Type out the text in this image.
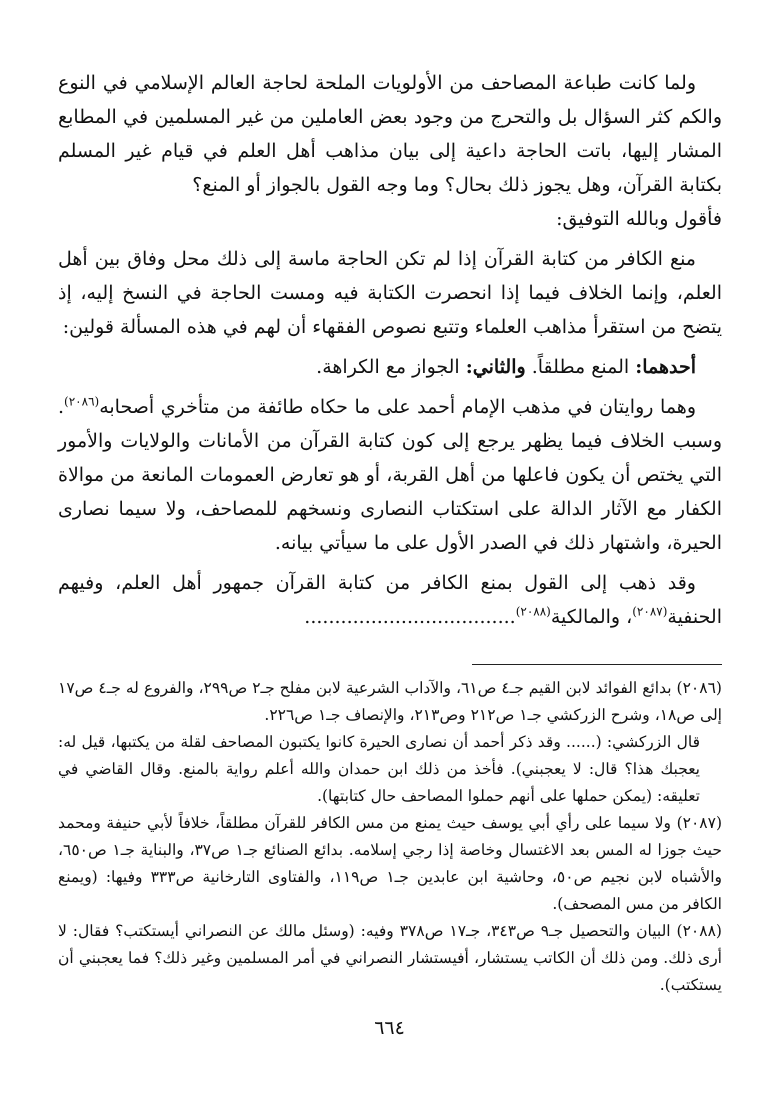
ولما كانت طباعة المصاحف من الأولويات الملحة لحاجة العالم الإسلامي في النوع والكم كثر السؤال بل والتحرج من وجود بعض العاملين من غير المسلمين في المطابع المشار إليها، باتت الحاجة داعية إلى بيان مذاهب أهل العلم في قيام غير المسلم بكتابة القرآن، وهل يجوز ذلك بحال؟ وما وجه القول بالجواز أو المنع؟

فأقول وبالله التوفيق:

منع الكافر من كتابة القرآن إذا لم تكن الحاجة ماسة إلى ذلك محل وفاق بين أهل العلم، وإنما الخلاف فيما إذا انحصرت الكتابة فيه ومست الحاجة في النسخ إليه، إذ يتضح من استقرأ مذاهب العلماء وتتبع نصوص الفقهاء أن لهم في هذه المسألة قولين:

أحدهما: المنع مطلقاً. والثاني: الجواز مع الكراهة.

وهما روايتان في مذهب الإمام أحمد على ما حكاه طائفة من متأخري أصحابه$^{(٢٠٨٦)}$. وسبب الخلاف فيما يظهر يرجع إلى كون كتابة القرآن من الأمانات والولايات والأمور التي يختص أن يكون فاعلها من أهل القربة، أو هو تعارض العمومات المانعة من موالاة الكفار مع الآثار الدالة على استكتاب النصارى ونسخهم للمصاحف، ولا سيما نصارى الحيرة، واشتهار ذلك في الصدر الأول على ما سيأتي بيانه.

وقد ذهب إلى القول بمنع الكافر من كتابة القرآن جمهور أهل العلم، وفيهم الحنفية$^{(٢٠٨٧)}$، والمالكية$^{(٢٠٨٨)}$...................................

(٢٠٨٦) بدائع الفوائد لابن القيم جـ٤ ص٦١، والآداب الشرعية لابن مفلح جـ٢ ص٢٩٩، والفروع له جـ٤ ص١٧ إلى ص١٨، وشرح الزركشي جـ١ ص٢١٢ وص٢١٣، والإنصاف جـ١ ص٢٢٦.

قال الزركشي: (...... وقد ذكر أحمد أن نصارى الحيرة كانوا يكتبون المصاحف لقلة من يكتبها، قيل له: يعجبك هذا؟ قال: لا يعجبني). فأخذ من ذلك ابن حمدان والله أعلم رواية بالمنع. وقال القاضي في تعليقه: (يمكن حملها على أنهم حملوا المصاحف حال كتابتها).

(٢٠٨٧) ولا سيما على رأي أبي يوسف حيث يمنع من مس الكافر للقرآن مطلقاً، خلافاً لأبي حنيفة ومحمد حيث جوزا له المس بعد الاغتسال وخاصة إذا رجي إسلامه. بدائع الصنائع جـ١ ص٣٧، والبناية جـ١ ص٦٥٠، والأشباه لابن نجيم ص٥٠، وحاشية ابن عابدين جـ١ ص١١٩، والفتاوى التارخانية ص٣٣٣ وفيها: (ويمنع الكافر من مس المصحف).

(٢٠٨٨) البيان والتحصيل جـ٩ ص٣٤٣، جـ١٧ ص٣٧٨ وفيه: (وسئل مالك عن النصراني أيستكتب؟ فقال: لا أرى ذلك. ومن ذلك أن الكاتب يستشار، أفيستشار النصراني في أمر المسلمين وغير ذلك؟ فما يعجبني أن يستكتب).

٦٦٤
